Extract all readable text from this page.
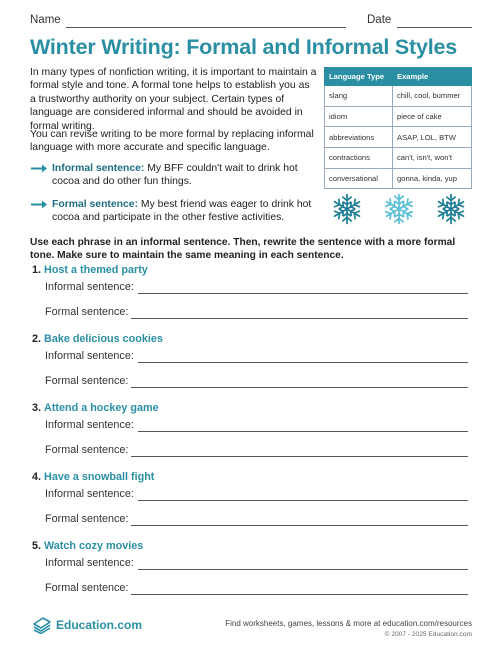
Name	Date
Winter Writing: Formal and Informal Styles
In many types of nonfiction writing, it is important to maintain a formal style and tone. A formal tone helps to establish you as a trustworthy authority on your subject. Certain types of language are considered informal and should be avoided in formal writing.
You can revise writing to be more formal by replacing informal language with more accurate and specific language.
Informal sentence: My BFF couldn't wait to drink hot cocoa and do other fun things.
Formal sentence: My best friend was eager to drink hot cocoa and participate in the other festive activities.
Language Type	Example
slang	chill, cool, bummer
idiom	piece of cake
abbreviations	ASAP, LOL, BTW
contractions	can't, isn't, won't
conversational	gonna, kinda, yup
Use each phrase in an informal sentence. Then, rewrite the sentence with a more formal tone. Make sure to maintain the same meaning in each sentence.
1. Host a themed party
Informal sentence:
Formal sentence:
2. Bake delicious cookies
Informal sentence:
Formal sentence:
3. Attend a hockey game
Informal sentence:
Formal sentence:
4. Have a snowball fight
Informal sentence:
Formal sentence:
5. Watch cozy movies
Informal sentence:
Formal sentence:
Education.com	Find worksheets, games, lessons & more at education.com/resources
© 2007 - 2025 Education.com
